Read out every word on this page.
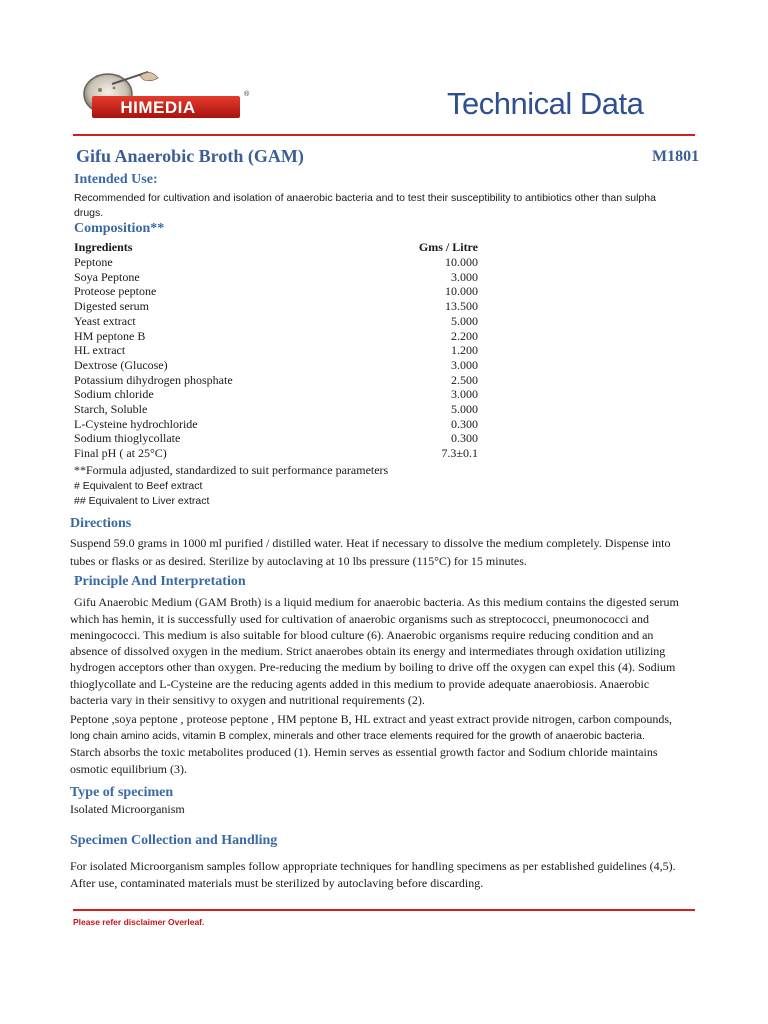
HIMEDIA
®	Technical Data
Gifu Anaerobic Broth (GAM)	M1801
Intended Use:
Recommended for cultivation and isolation of anaerobic bacteria and to test their susceptibility to antibiotics other than sulpha
drugs.
Composition**
Ingredients	Gms / Litre
Peptone	10.000
Soya Peptone	3.000
Proteose peptone	10.000
Digested serum	13.500
Yeast extract	5.000
HM peptone B	2.200
HL extract	1.200
Dextrose (Glucose)	3.000
Potassium dihydrogen phosphate	2.500
Sodium chloride	3.000
Starch, Soluble	5.000
L-Cysteine hydrochloride	0.300
Sodium thioglycollate	0.300
Final pH ( at 25°C)	7.3±0.1
**Formula adjusted, standardized to suit performance parameters
# Equivalent to Beef extract
## Equivalent to Liver extract
Directions
Suspend 59.0 grams in 1000 ml purified / distilled water. Heat if necessary to dissolve the medium completely. Dispense into
tubes or flasks or as desired. Sterilize by autoclaving at 10 lbs pressure (115°C) for 15 minutes.
Principle And Interpretation
Gifu Anaerobic Medium (GAM Broth) is a liquid medium for anaerobic bacteria. As this medium contains the digested serum
which has hemin, it is successfully used for cultivation of anaerobic organisms such as streptococci, pneumonococci and
meningococci. This medium is also suitable for blood culture (6). Anaerobic organisms require reducing condition and an
absence of dissolved oxygen in the medium. Strict anaerobes obtain its energy and intermediates through oxidation utilizing
hydrogen acceptors other than oxygen. Pre-reducing the medium by boiling to drive off the oxygen can expel this (4). Sodium
thioglycollate and L-Cysteine are the reducing agents added in this medium to provide adequate anaerobiosis. Anaerobic
bacteria vary in their sensitivy to oxygen and nutritional requirements (2).
Peptone ,soya peptone , proteose peptone , HM peptone B, HL extract and yeast extract provide nitrogen, carbon compounds,
long chain amino acids, vitamin B complex, minerals and other trace elements required for the growth of anaerobic bacteria.
Starch absorbs the toxic metabolites produced (1). Hemin serves as essential growth factor and Sodium chloride maintains
osmotic equilibrium (3).
Type of specimen
Isolated Microorganism
Specimen Collection and Handling
For isolated Microorganism samples follow appropriate techniques for handling specimens as per established guidelines (4,5).
After use, contaminated materials must be sterilized by autoclaving before discarding.
Please refer disclaimer Overleaf.
